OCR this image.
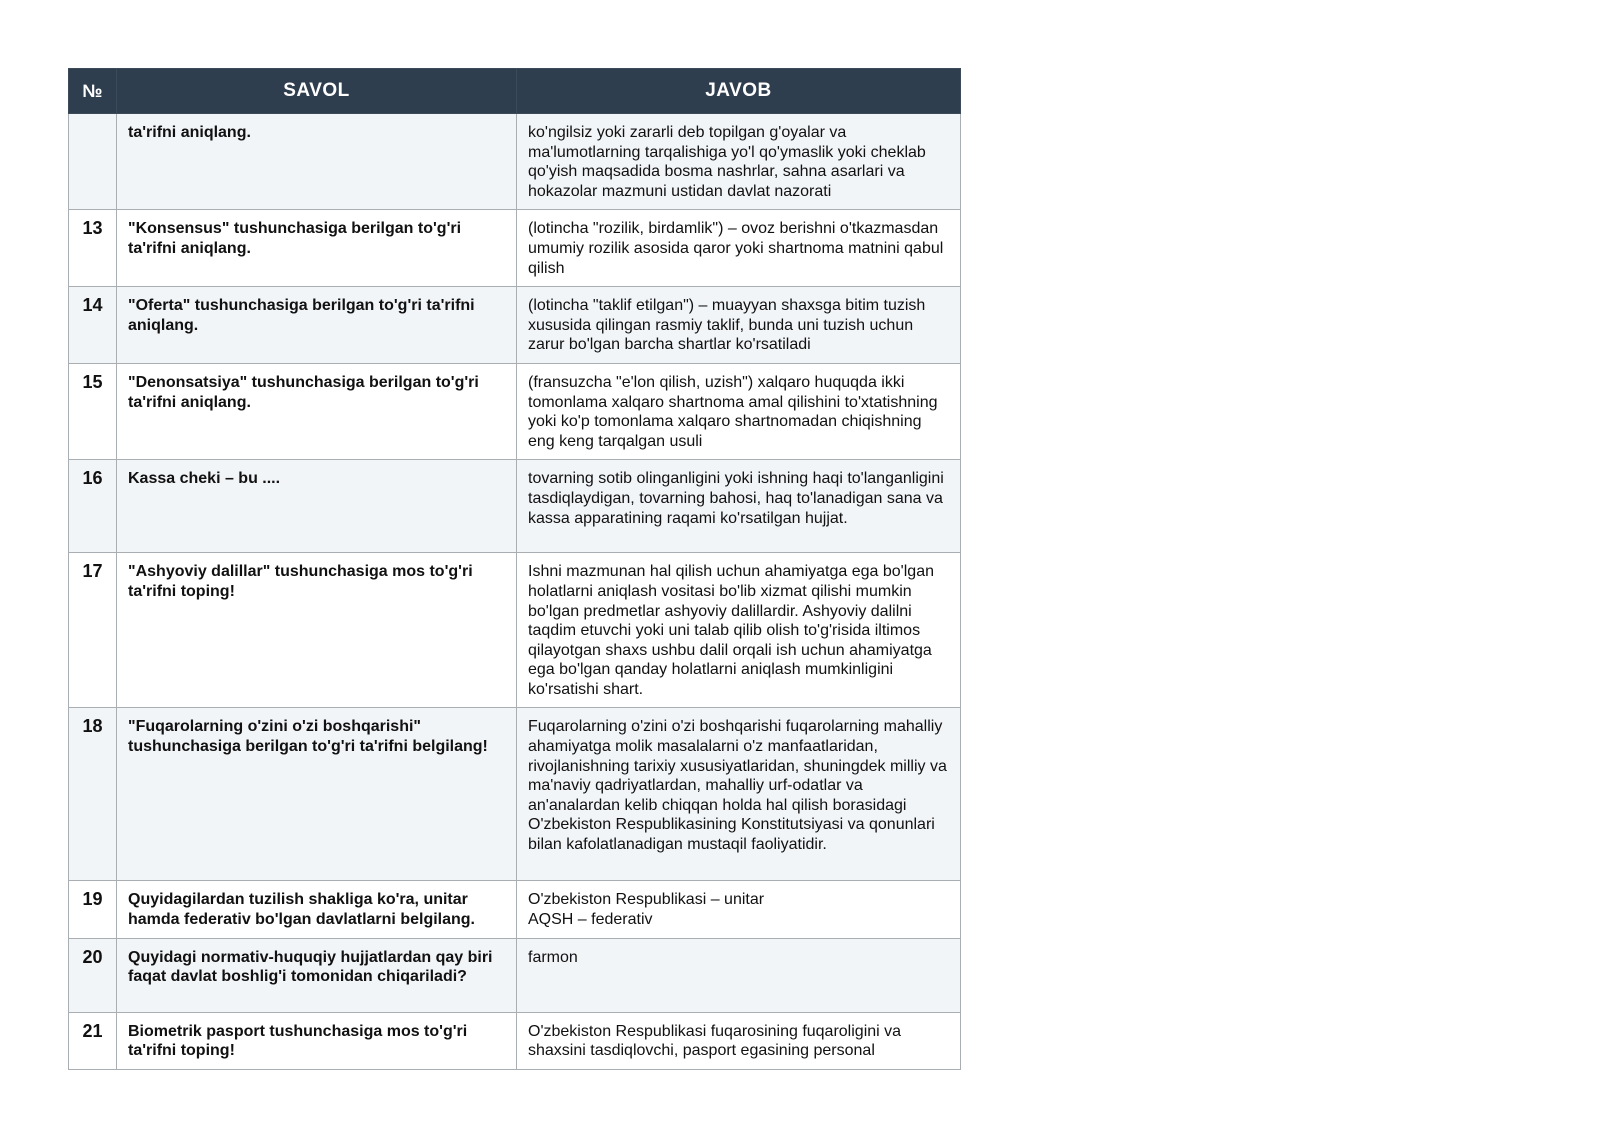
№	SAVOL	JAVOB
	ta'rifni aniqlang.	ko'ngilsiz yoki zararli deb topilgan g'oyalar va ma'lumotlarning tarqalishiga yo'l qo'ymaslik yoki cheklab qo'yish maqsadida bosma nashrlar, sahna asarlari va hokazolar mazmuni ustidan davlat nazorati
13	"Konsensus" tushunchasiga berilgan to'g'ri ta'rifni aniqlang.	(lotincha "rozilik, birdamlik") – ovoz berishni o'tkazmasdan umumiy rozilik asosida qaror yoki shartnoma matnini qabul qilish
14	"Oferta" tushunchasiga berilgan to'g'ri ta'rifni aniqlang.	(lotincha "taklif etilgan") – muayyan shaxsga bitim tuzish xususida qilingan rasmiy taklif, bunda uni tuzish uchun zarur bo'lgan barcha shartlar ko'rsatiladi
15	"Denonsatsiya" tushunchasiga berilgan to'g'ri ta'rifni aniqlang.	(fransuzcha "e'lon qilish, uzish") xalqaro huquqda ikki tomonlama xalqaro shartnoma amal qilishini to'xtatishning yoki ko'p tomonlama xalqaro shartnomadan chiqishning eng keng tarqalgan usuli
16	Kassa cheki – bu ....	tovarning sotib olinganligini yoki ishning haqi to'langanligini tasdiqlaydigan, tovarning bahosi, haq to'lanadigan sana va kassa apparatining raqami ko'rsatilgan hujjat.
17	"Ashyoviy dalillar" tushunchasiga mos to'g'ri ta'rifni toping!	Ishni mazmunan hal qilish uchun ahamiyatga ega bo'lgan holatlarni aniqlash vositasi bo'lib xizmat qilishi mumkin bo'lgan predmetlar ashyoviy dalillardir. Ashyoviy dalilni taqdim etuvchi yoki uni talab qilib olish to'g'risida iltimos qilayotgan shaxs ushbu dalil orqali ish uchun ahamiyatga ega bo'lgan qanday holatlarni aniqlash mumkinligini ko'rsatishi shart.
18	"Fuqarolarning o'zini o'zi boshqarishi" tushunchasiga berilgan to'g'ri ta'rifni belgilang!	Fuqarolarning o'zini o'zi boshqarishi fuqarolarning mahalliy ahamiyatga molik masalalarni o'z manfaatlaridan, rivojlanishning tarixiy xususiyatlaridan, shuningdek milliy va ma'naviy qadriyatlardan, mahalliy urf-odatlar va an'analardan kelib chiqqan holda hal qilish borasidagi O'zbekiston Respublikasining Konstitutsiyasi va qonunlari bilan kafolatlanadigan mustaqil faoliyatidir.
19	Quyidagilardan tuzilish shakliga ko'ra, unitar hamda federativ bo'lgan davlatlarni belgilang.	O'zbekiston Respublikasi – unitar
AQSH – federativ

20	Quyidagi normativ-huquqiy hujjatlardan qay biri faqat davlat boshlig'i tomonidan chiqariladi?	farmon
21	Biometrik pasport tushunchasiga mos to'g'ri ta'rifni toping!	O'zbekiston Respublikasi fuqarosining fuqaroligini va shaxsini tasdiqlovchi, pasport egasining personal
